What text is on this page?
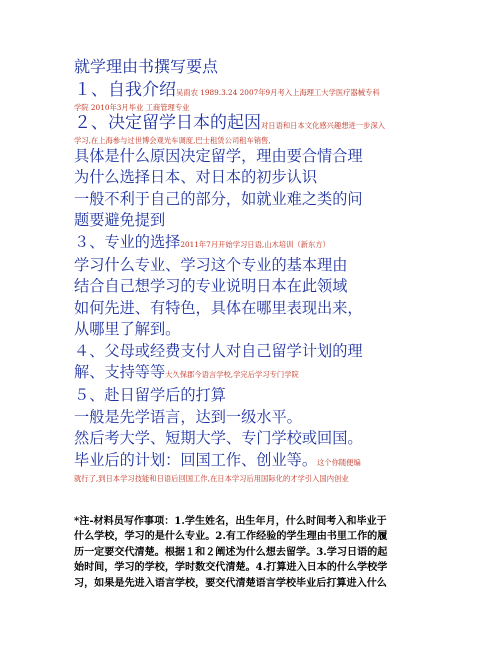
就学理由书撰写要点
１、自我介绍吴雨农 1989.3.24 2007年9月考入上海理工大学医疗器械专科
学院 2010年3月毕业 工商管理专业
２、决定留学日本的起因对日语和日本文化感兴趣想进一步深入
学习,在上海參与过世博会观光车调度,巴士租赁公司租车销售,
具体是什么原因决定留学，理由要合情合理
为什么选择日本、对日本的初步认识
一般不利于自己的部分，如就业难之类的问
题要避免提到
３、专业的选择2011年7月开始学习日语,山木培训（新东方）
学习什么专业、学习这个专业的基本理由
结合自己想学习的专业说明日本在此领域
如何先进、有特色，具体在哪里表现出来，
从哪里了解到。
４、父母或经费支付人对自己留学计划的理
解、支持等等大久保郡今语言学校,学完后学习专门学院
５、赴日留学后的打算
一般是先学语言，达到一级水平。
然后考大学、短期大学、专门学校或回国。
毕业后的计划：回国工作、创业等。这个你随便编
就行了,到日本学习技能和日语后回国工作,在日本学习后用国际化的才学引入国内创业
*注-材料员写作事项：1.学生姓名，出生年月，什么时间考入和毕业于
什么学校，学习的是什么专业。2.有工作经验的学生理由书里工作的履
历一定要交代清楚。根据１和２阐述为什么想去留学。3.学习日语的起
始时间，学习的学校，学时数交代清楚。4.打算进入日本的什么学校学
习，如果是先进入语言学校，要交代清楚语言学校毕业后打算进入什么
